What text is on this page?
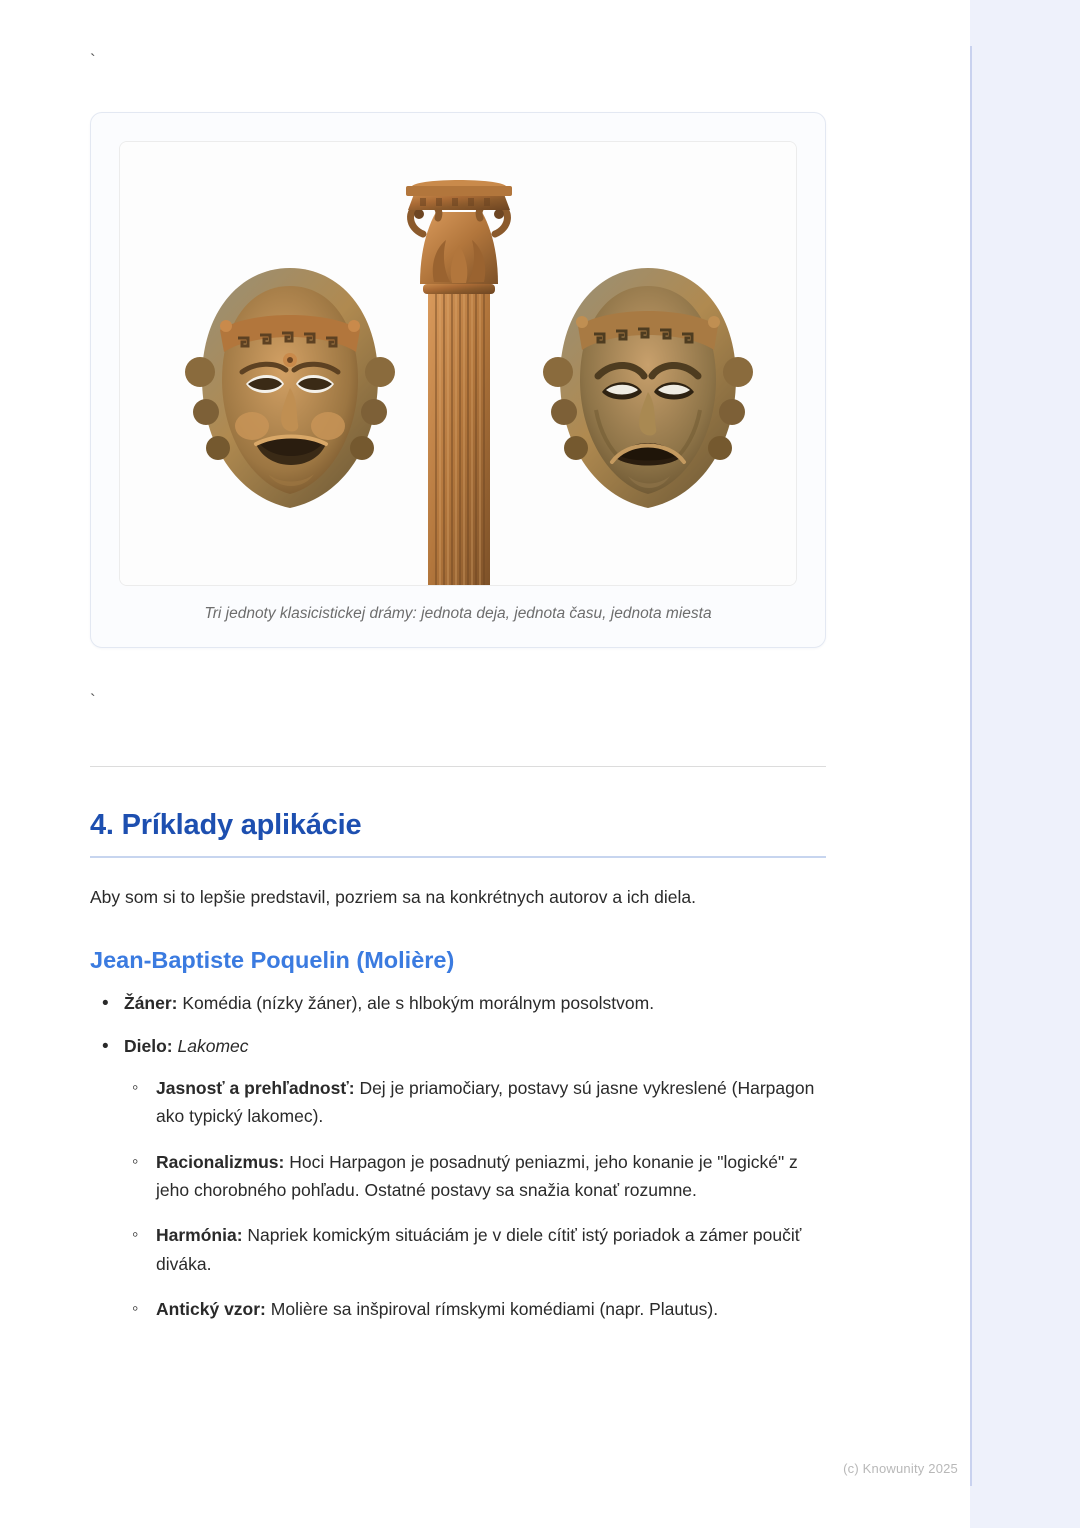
`
Tri jednoty klasicistickej drámy: jednota deja, jednota času, jednota miesta
`
4. Príklady aplikácie

Aby som si to lepšie predstavil, pozriem sa na konkrétnych autorov a ich diela.

Jean-Baptiste Poquelin (Molière)
• Žáner: Komédia (nízky žáner), ale s hlbokým morálnym posolstvom.
• Dielo: Lakomec
◦ Jasnosť a prehľadnosť: Dej je priamočiary, postavy sú jasne vykreslené (Harpagon ako typický lakomec).
◦ Racionalizmus: Hoci Harpagon je posadnutý peniazmi, jeho konanie je "logické" z jeho chorobného pohľadu. Ostatné postavy sa snažia konať rozumne.
◦ Harmónia: Napriek komickým situáciám je v diele cítiť istý poriadok a zámer poučiť diváka.
◦ Antický vzor: Molière sa inšpiroval rímskymi komédiami (napr. Plautus).
(c) Knowunity 2025
